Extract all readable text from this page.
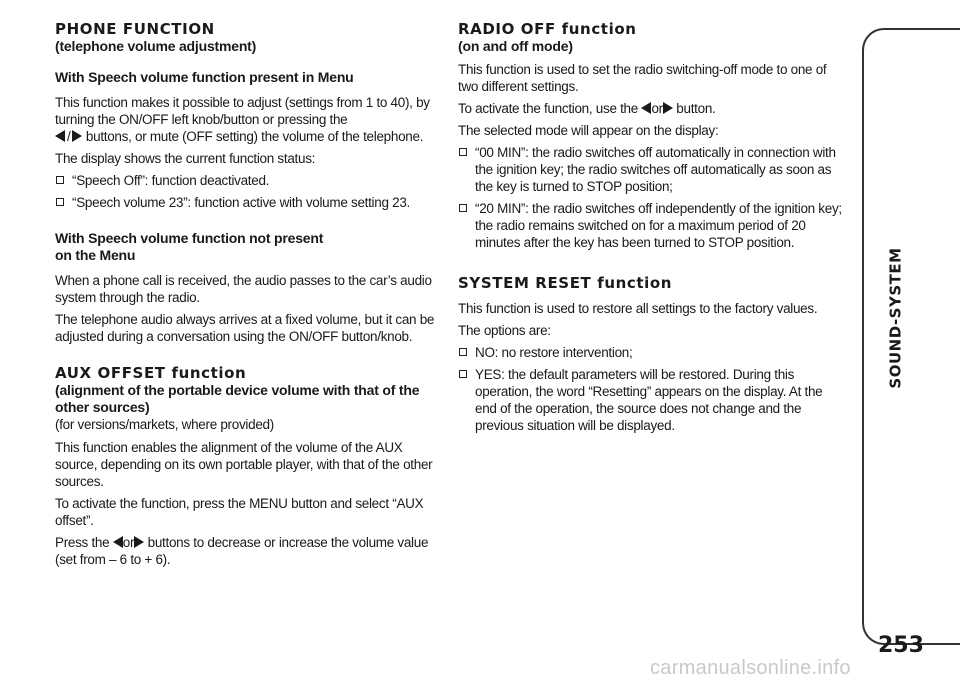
PHONE FUNCTION
(telephone volume adjustment)
With Speech volume function present in Menu

This function makes it possible to adjust (settings from 1 to 40), by turning the ON/OFF left knob/button or pressing the
/ buttons, or mute (OFF setting) the volume of the telephone.

The display shows the current function status:

“Speech Off”: function deactivated.
“Speech volume 23”: function active with volume setting 23.
With Speech volume function not present
on the Menu

When a phone call is received, the audio passes to the car’s audio system through the radio.

The telephone audio always arrives at a fixed volume, but it can be adjusted during a conversation using the ON/OFF button/knob.

AUX OFFSET function
(alignment of the portable device volume with that of the other sources)

(for versions/markets, where provided)

This function enables the alignment of the volume of the AUX source, depending on its own portable player, with that of the other sources.

To activate the function, press the MENU button and select “AUX offset”.

Press the or buttons to decrease or increase the volume value (set from – 6 to + 6).

RADIO OFF function
(on and off mode)

This function is used to set the radio switching-off mode to one of two different settings.

To activate the function, use the or button.

The selected mode will appear on the display:

“00 MIN”: the radio switches off automatically in connection with the ignition key; the radio switches off automatically as soon as the key is turned to STOP position;
“20 MIN”: the radio switches off independently of the ignition key; the radio remains switched on for a maximum period of 20 minutes after the key has been turned to STOP position.
SYSTEM RESET function

This function is used to restore all settings to the factory values.

The options are:

NO: no restore intervention;
YES: the default parameters will be restored. During this operation, the word “Resetting” appears on the display. At the end of the operation, the source does not change and the previous situation will be displayed.
SOUND-SYSTEM
253
carmanualsonline.info
